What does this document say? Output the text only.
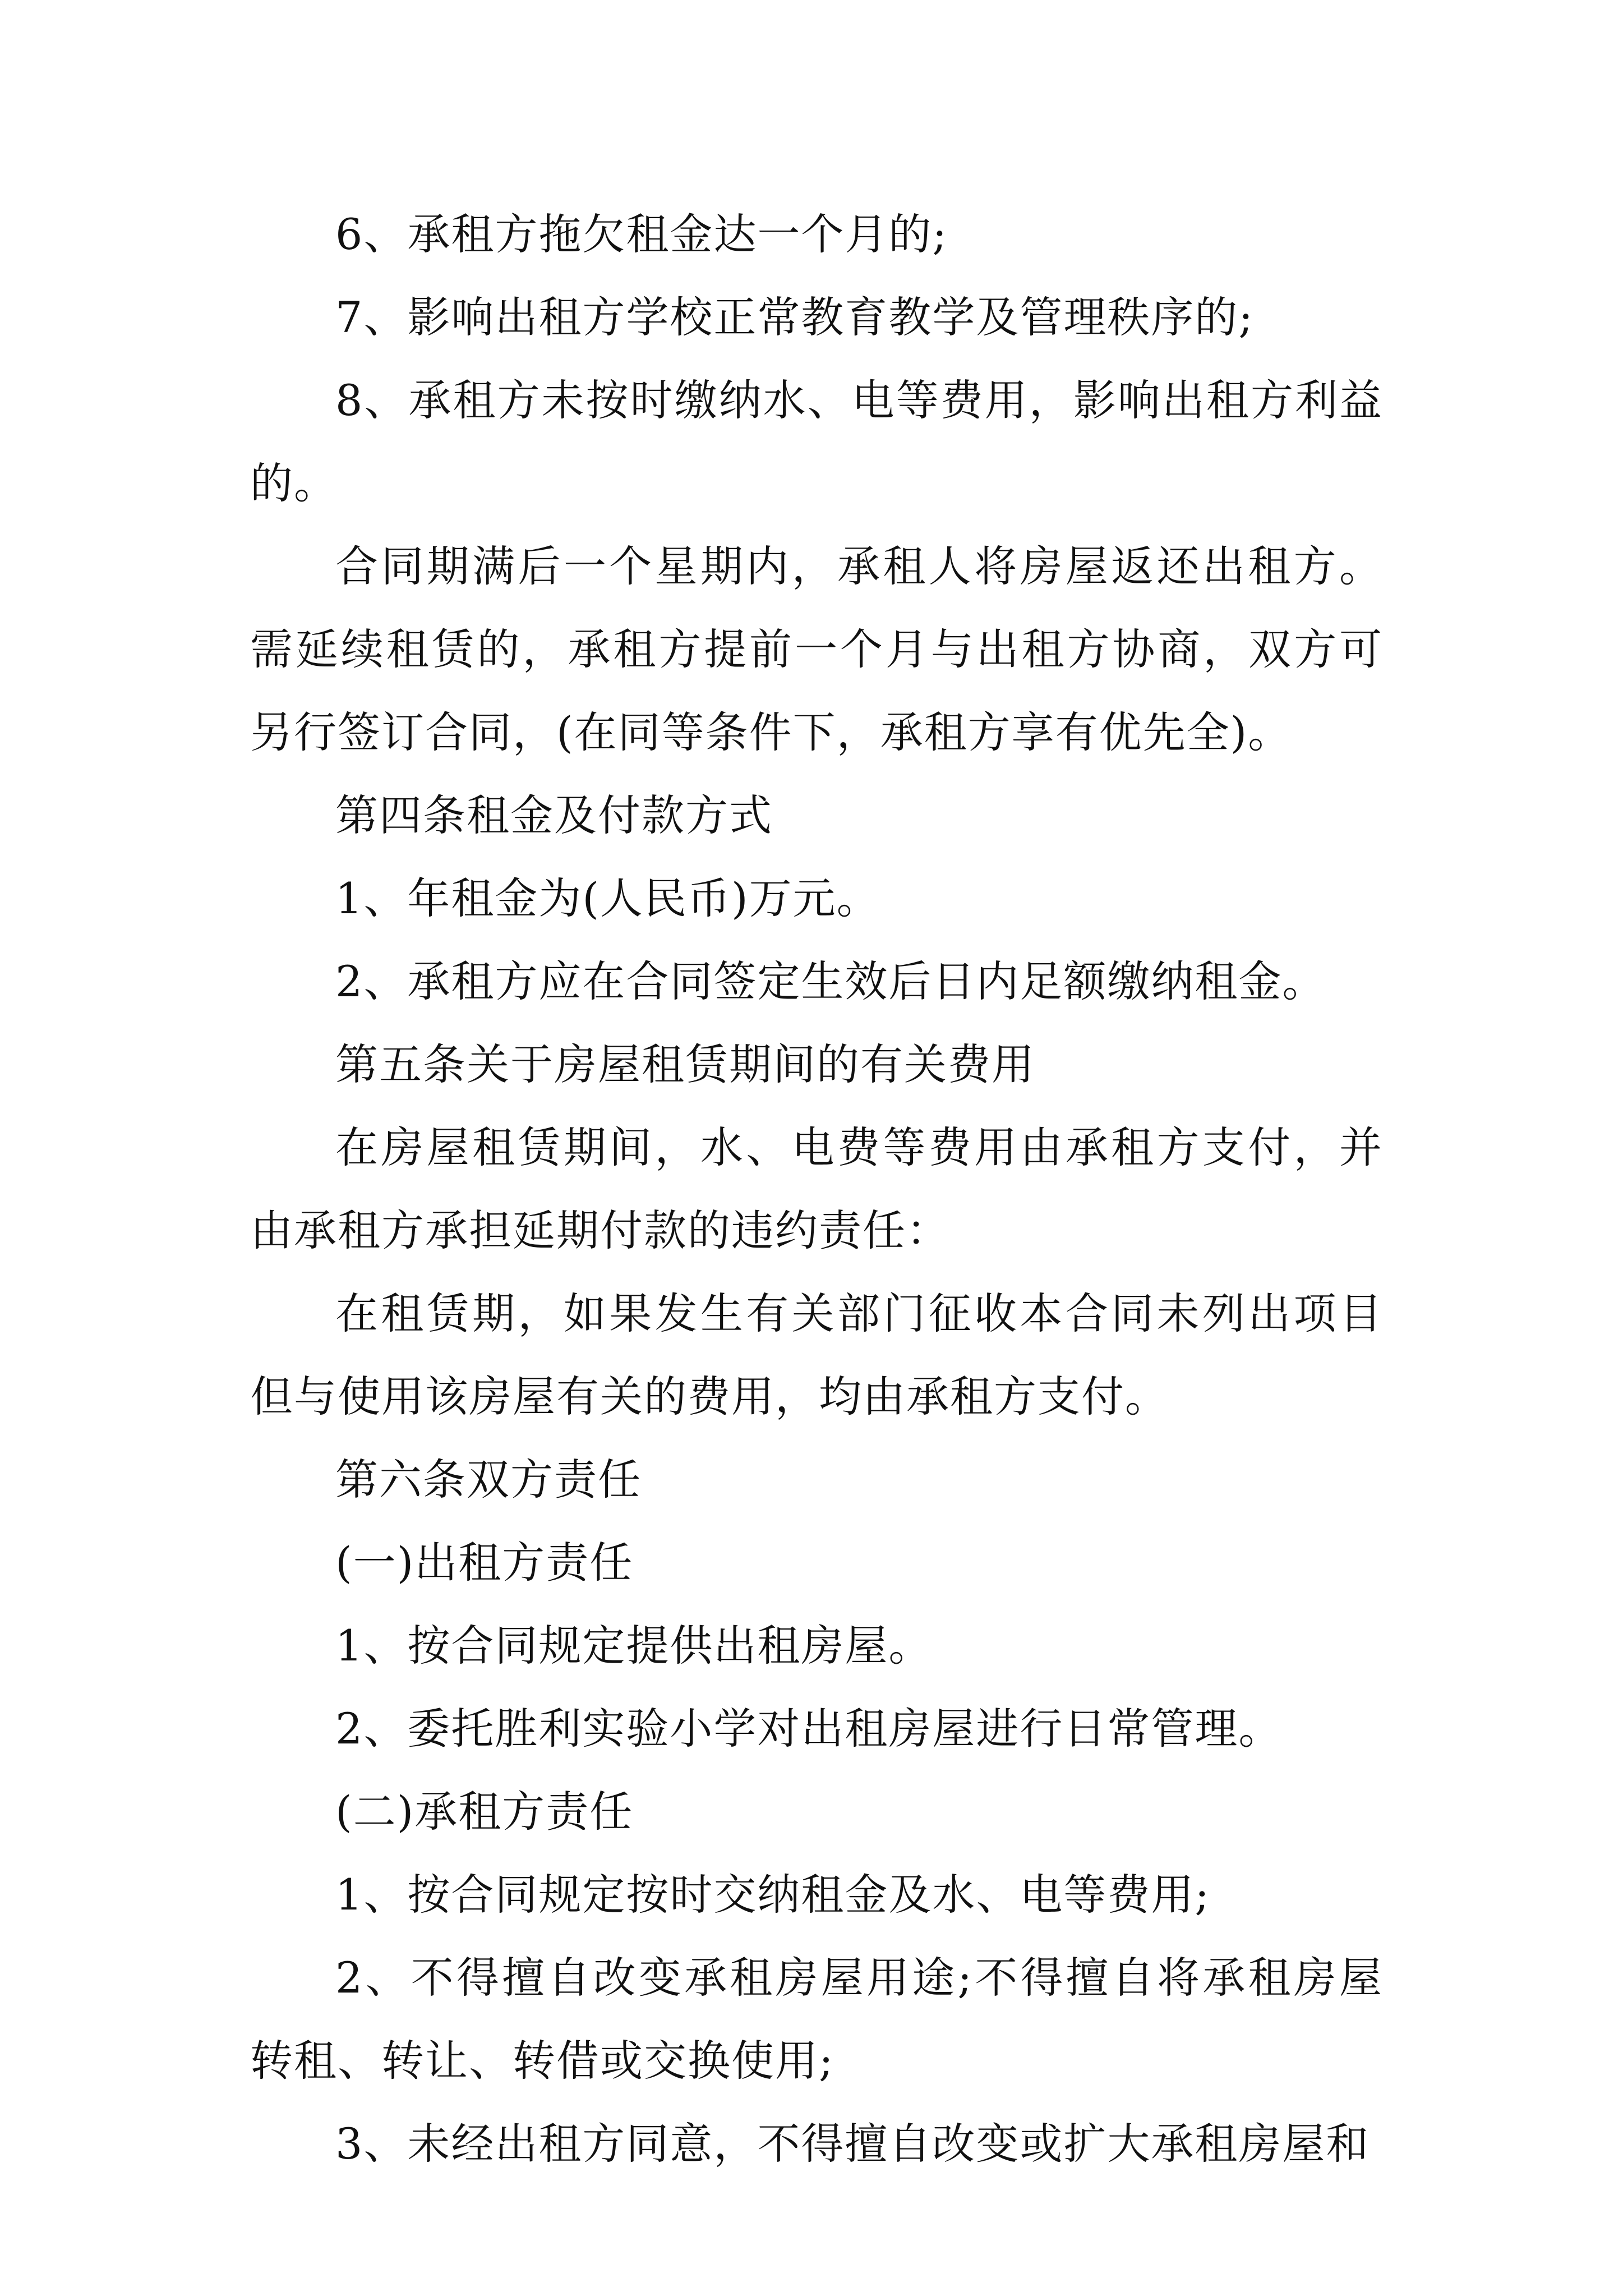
6、承租方拖欠租金达一个月的;

7、影响出租方学校正常教育教学及管理秩序的;

8、承租方未按时缴纳水、电等费用，影响出租方利益的。

合同期满后一个星期内，承租人将房屋返还出租方。需延续租赁的，承租方提前一个月与出租方协商，双方可另行签订合同，(在同等条件下，承租方享有优先全)。

第四条租金及付款方式

1、年租金为(人民币)万元。

2、承租方应在合同签定生效后日内足额缴纳租金。

第五条关于房屋租赁期间的有关费用

在房屋租赁期间，水、电费等费用由承租方支付，并由承租方承担延期付款的违约责任：

在租赁期，如果发生有关部门征收本合同未列出项目但与使用该房屋有关的费用，均由承租方支付。

第六条双方责任

(一)出租方责任

1、按合同规定提供出租房屋。

2、委托胜利实验小学对出租房屋进行日常管理。

(二)承租方责任

1、按合同规定按时交纳租金及水、电等费用;

2、不得擅自改变承租房屋用途;不得擅自将承租房屋转租、转让、转借或交换使用;

3、未经出租方同意，不得擅自改变或扩大承租房屋和
